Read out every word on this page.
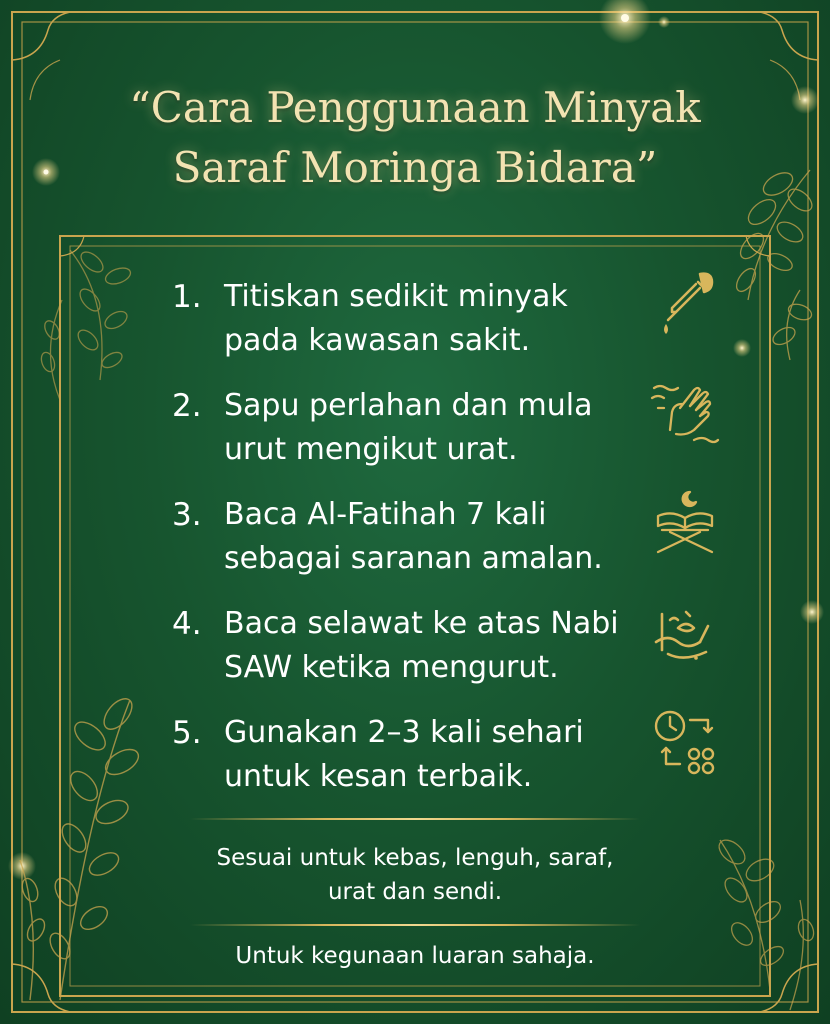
“Cara Penggunaan Minyak
Saraf Moringa Bidara”
1. Titiskan sedikit minyak
pada kawasan sakit.
2. Sapu perlahan dan mula
urut mengikut urat.
3. Baca Al-Fatihah 7 kali
sebagai saranan amalan.
4. Baca selawat ke atas Nabi
SAW ketika mengurut.
5. Gunakan 2–3 kali sehari
untuk kesan terbaik.
Sesuai untuk kebas, lenguh, saraf,
urat dan sendi.
Untuk kegunaan luaran sahaja.
